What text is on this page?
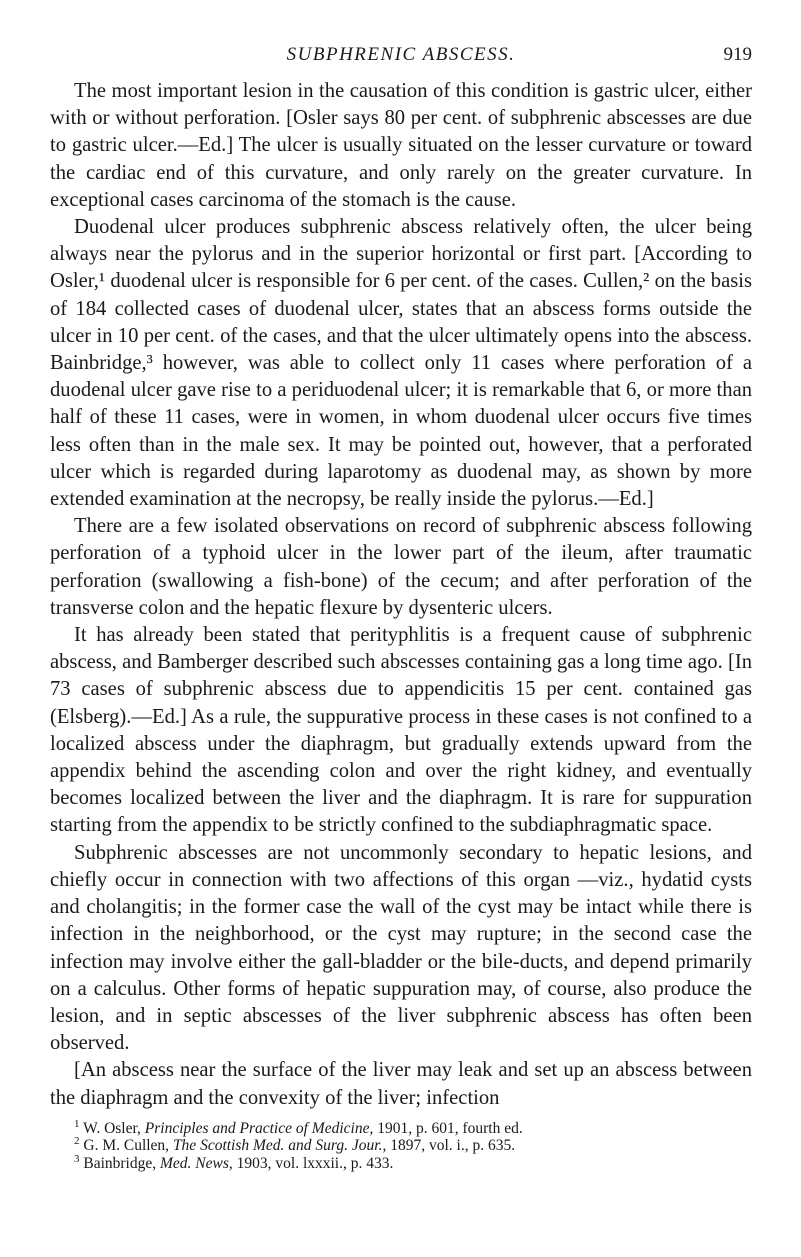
SUBPHRENIC ABSCESS.	919

The most important lesion in the causation of this condition is gastric ulcer, either with or without perforation. [Osler says 80 per cent. of subphrenic abscesses are due to gastric ulcer.—Ed.] The ulcer is usually situated on the lesser curvature or toward the cardiac end of this curvature, and only rarely on the greater curvature. In exceptional cases carcinoma of the stomach is the cause.

Duodenal ulcer produces subphrenic abscess relatively often, the ulcer being always near the pylorus and in the superior horizontal or first part. [According to Osler,¹ duodenal ulcer is responsible for 6 per cent. of the cases. Cullen,² on the basis of 184 collected cases of duodenal ulcer, states that an abscess forms outside the ulcer in 10 per cent. of the cases, and that the ulcer ultimately opens into the abscess. Bainbridge,³ however, was able to collect only 11 cases where perforation of a duodenal ulcer gave rise to a periduodenal ulcer; it is remarkable that 6, or more than half of these 11 cases, were in women, in whom duodenal ulcer occurs five times less often than in the male sex. It may be pointed out, however, that a perforated ulcer which is regarded during laparotomy as duodenal may, as shown by more extended examination at the necropsy, be really inside the pylorus.—Ed.]

There are a few isolated observations on record of subphrenic abscess following perforation of a typhoid ulcer in the lower part of the ileum, after traumatic perforation (swallowing a fish-bone) of the cecum; and after perforation of the transverse colon and the hepatic flexure by dysenteric ulcers.

It has already been stated that perityphlitis is a frequent cause of subphrenic abscess, and Bamberger described such abscesses containing gas a long time ago. [In 73 cases of subphrenic abscess due to appendicitis 15 per cent. contained gas (Elsberg).—Ed.] As a rule, the suppurative process in these cases is not confined to a localized abscess under the diaphragm, but gradually extends upward from the appendix behind the ascending colon and over the right kidney, and eventually becomes localized between the liver and the diaphragm. It is rare for suppuration starting from the appendix to be strictly confined to the subdiaphragmatic space.

Subphrenic abscesses are not uncommonly secondary to hepatic lesions, and chiefly occur in connection with two affections of this organ —viz., hydatid cysts and cholangitis; in the former case the wall of the cyst may be intact while there is infection in the neighborhood, or the cyst may rupture; in the second case the infection may involve either the gall-bladder or the bile-ducts, and depend primarily on a calculus. Other forms of hepatic suppuration may, of course, also produce the lesion, and in septic abscesses of the liver subphrenic abscess has often been observed.

[An abscess near the surface of the liver may leak and set up an abscess between the diaphragm and the convexity of the liver; infection

$^1$ W. Osler, Principles and Practice of Medicine, 1901, p. 601, fourth ed.
$^2$ G. M. Cullen, The Scottish Med. and Surg. Jour., 1897, vol. i., p. 635.
$^3$ Bainbridge, Med. News, 1903, vol. lxxxii., p. 433.
